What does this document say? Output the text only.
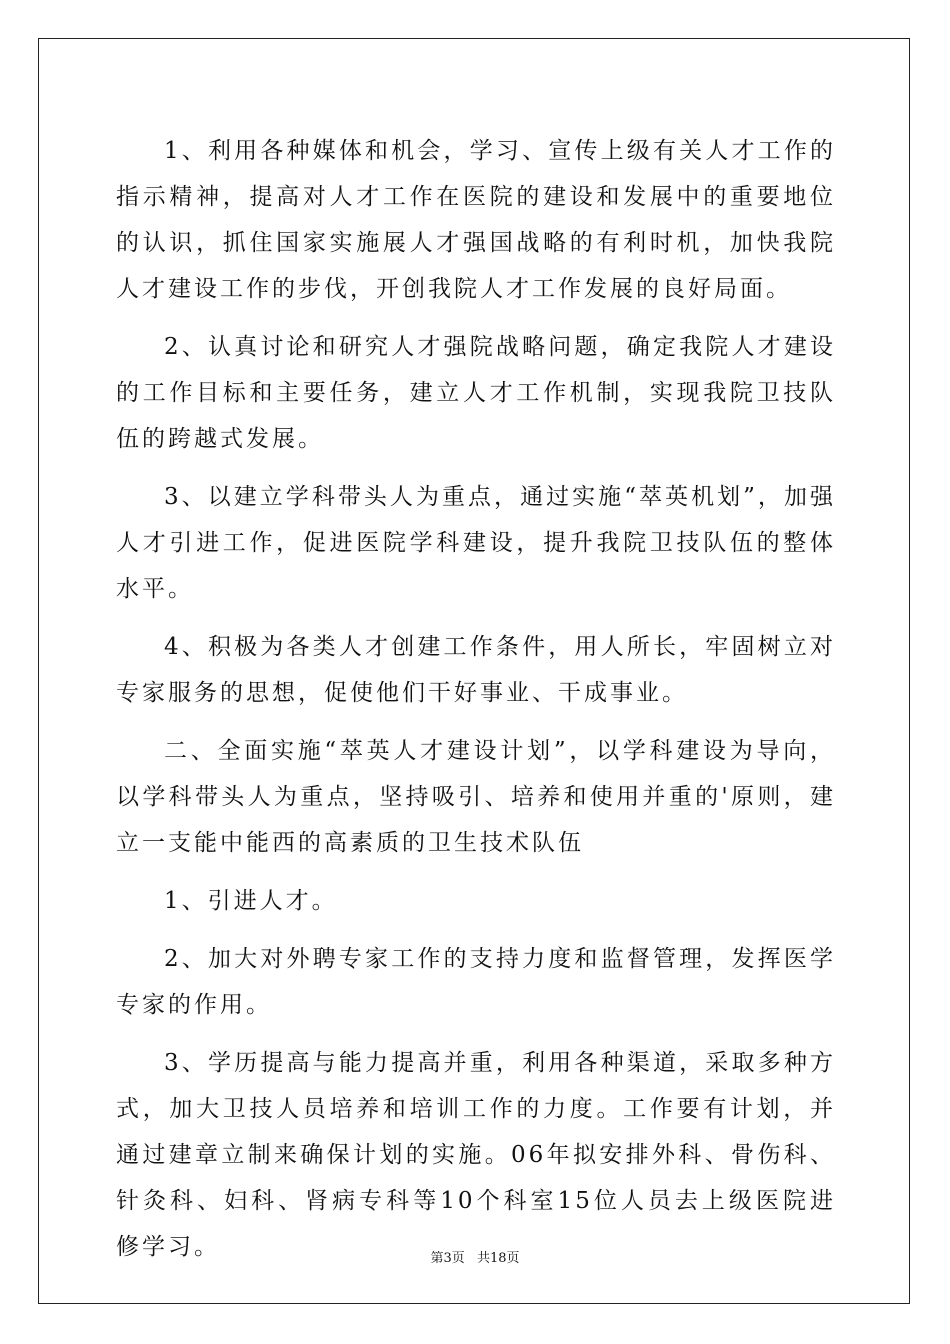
1、利用各种媒体和机会，学习、宣传上级有关人才工作的指示精神，提高对人才工作在医院的建设和发展中的重要地位的认识，抓住国家实施展人才强国战略的有利时机，加快我院人才建设工作的步伐，开创我院人才工作发展的良好局面。

2、认真讨论和研究人才强院战略问题，确定我院人才建设的工作目标和主要任务，建立人才工作机制，实现我院卫技队伍的跨越式发展。

3、以建立学科带头人为重点，通过实施“萃英机划”，加强人才引进工作，促进医院学科建设，提升我院卫技队伍的整体水平。

4、积极为各类人才创建工作条件，用人所长，牢固树立对专家服务的思想，促使他们干好事业、干成事业。

二、全面实施“萃英人才建设计划”，以学科建设为导向，以学科带头人为重点，坚持吸引、培养和使用并重的'原则，建立一支能中能西的高素质的卫生技术队伍

1、引进人才。

2、加大对外聘专家工作的支持力度和监督管理，发挥医学专家的作用。

3、学历提高与能力提高并重，利用各种渠道，采取多种方式，加大卫技人员培养和培训工作的力度。工作要有计划，并通过建章立制来确保计划的实施。06年拟安排外科、骨伤科、针灸科、妇科、肾病专科等10个科室15位人员去上级医院进修学习。	第3页 共18页
